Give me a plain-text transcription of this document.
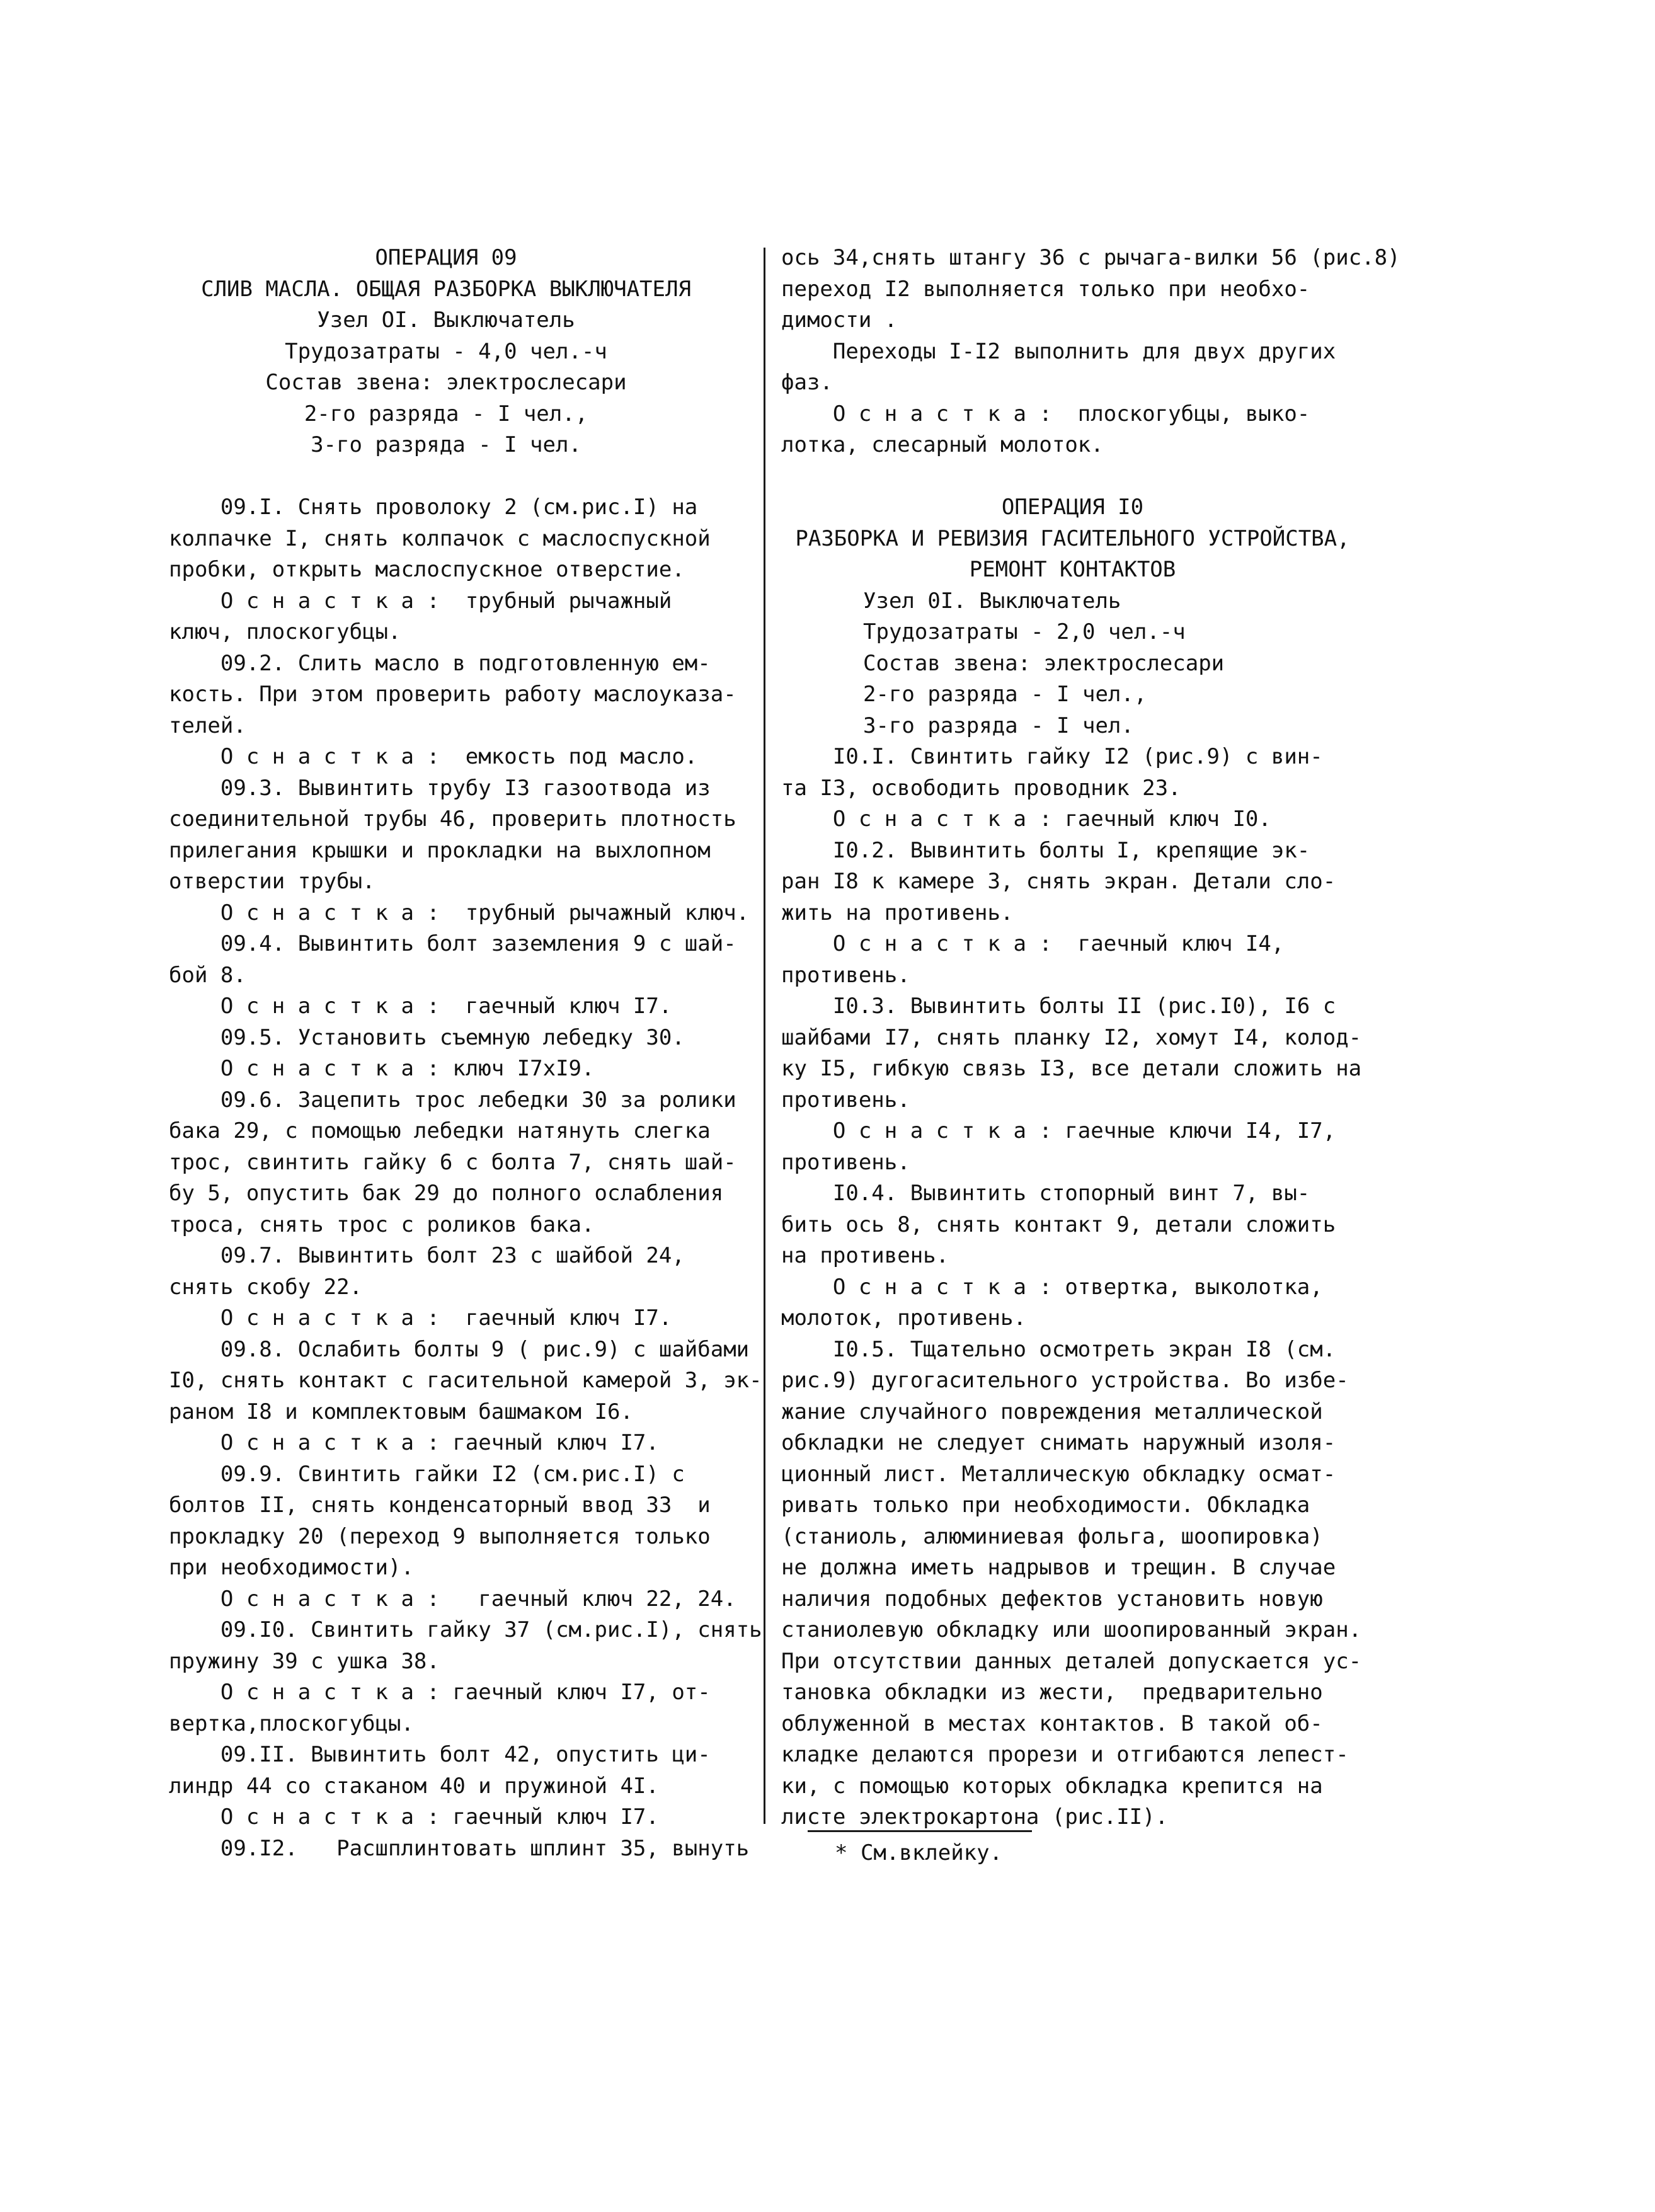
ОПЕРАЦИЯ 09
СЛИВ МАСЛА. ОБЩАЯ РАЗБОРКА ВЫКЛЮЧАТЕЛЯ
Узел ОI. Выключатель
Трудозатраты - 4,0 чел.-ч
Состав звена: электрослесари
2-го разряда - I чел.,
3-го разряда - I чел.
09.I. Снять проволоку 2 (см.рис.I) на
колпачке I, снять колпачок с маслоспускной
пробки, открыть маслоспускное отверстие.
О с н а с т к а :  трубный рычажный
ключ, плоскогубцы.
09.2. Слить масло в подготовленную ем-
кость. При этом проверить работу маслоуказа-
телей.
О с н а с т к а :  емкость под масло.
09.3. Вывинтить трубу I3 газоотвода из
соединительной трубы 46, проверить плотность
прилегания крышки и прокладки на выхлопном
отверстии трубы.
О с н а с т к а :  трубный рычажный ключ.
09.4. Вывинтить болт заземления 9 с шай-
бой 8.
О с н а с т к а :  гаечный ключ I7.
09.5. Установить съемную лебедку 30.
О с н а с т к а : ключ I7xI9.
09.6. Зацепить трос лебедки 30 за ролики
бака 29, с помощью лебедки натянуть слегка
трос, свинтить гайку 6 с болта 7, снять шай-
бу 5, опустить бак 29 до полного ослабления
троса, снять трос с роликов бака.
09.7. Вывинтить болт 23 с шайбой 24,
снять скобу 22.
О с н а с т к а :  гаечный ключ I7.
09.8. Ослабить болты 9 ( рис.9) с шайбами
I0, снять контакт с гасительной камерой 3, эк-
раном I8 и комплектовым башмаком I6.
О с н а с т к а : гаечный ключ I7.
09.9. Свинтить гайки I2 (см.рис.I) с
болтов II, снять конденсаторный ввод 33  и
прокладку 20 (переход 9 выполняется только
при необходимости).
О с н а с т к а :   гаечный ключ 22, 24.
09.I0. Свинтить гайку 37 (см.рис.I), снять
пружину 39 с ушка 38.
О с н а с т к а : гаечный ключ I7, от-
вертка,плоскогубцы.
09.II. Вывинтить болт 42, опустить ци-
линдр 44 со стаканом 40 и пружиной 4I.
О с н а с т к а : гаечный ключ I7.
09.I2.   Расшплинтовать шплинт 35, вынуть
ось 34,снять штангу 36 с рычага-вилки 56 (рис.8)
переход I2 выполняется только при необхо-
димости .
Переходы I-I2 выполнить для двух других
фаз.
О с н а с т к а :  плоскогубцы, выко-
лотка, слесарный молоток.
ОПЕРАЦИЯ I0
РАЗБОРКА И РЕВИЗИЯ ГАСИТЕЛЬНОГО УСТРОЙСТВА,
РЕМОНТ КОНТАКТОВ
Узел 0I. Выключатель
Трудозатраты - 2,0 чел.-ч
Состав звена: электрослесари
2-го разряда - I чел.,
3-го разряда - I чел.
I0.I. Свинтить гайку I2 (рис.9) с вин-
та I3, освободить проводник 23.
О с н а с т к а : гаечный ключ I0.
I0.2. Вывинтить болты I, крепящие эк-
ран I8 к камере 3, снять экран. Детали сло-
жить на противень.
О с н а с т к а :  гаечный ключ I4,
противень.
I0.3. Вывинтить болты II (рис.I0), I6 с
шайбами I7, снять планку I2, хомут I4, колод-
ку I5, гибкую связь I3, все детали сложить на
противень.
О с н а с т к а : гаечные ключи I4, I7,
противень.
I0.4. Вывинтить стопорный винт 7, вы-
бить ось 8, снять контакт 9, детали сложить
на противень.
О с н а с т к а : отвертка, выколотка,
молоток, противень.
I0.5. Тщательно осмотреть экран I8 (см.
рис.9) дугогасительного устройства. Во избе-
жание случайного повреждения металлической
обкладки не следует снимать наружный изоля-
ционный лист. Металлическую обкладку осмат-
ривать только при необходимости. Обкладка
(станиоль, алюминиевая фольга, шоопировка)
не должна иметь надрывов и трещин. В случае
наличия подобных дефектов установить новую
станиолевую обкладку или шоопированный экран.
При отсутствии данных деталей допускается ус-
тановка обкладки из жести,  предварительно
облуженной в местах контактов. В такой об-
кладке делаются прорези и отгибаются лепест-
ки, с помощью которых обкладка крепится на
листе электрокартона (рис.II).
* См.вклейку.
